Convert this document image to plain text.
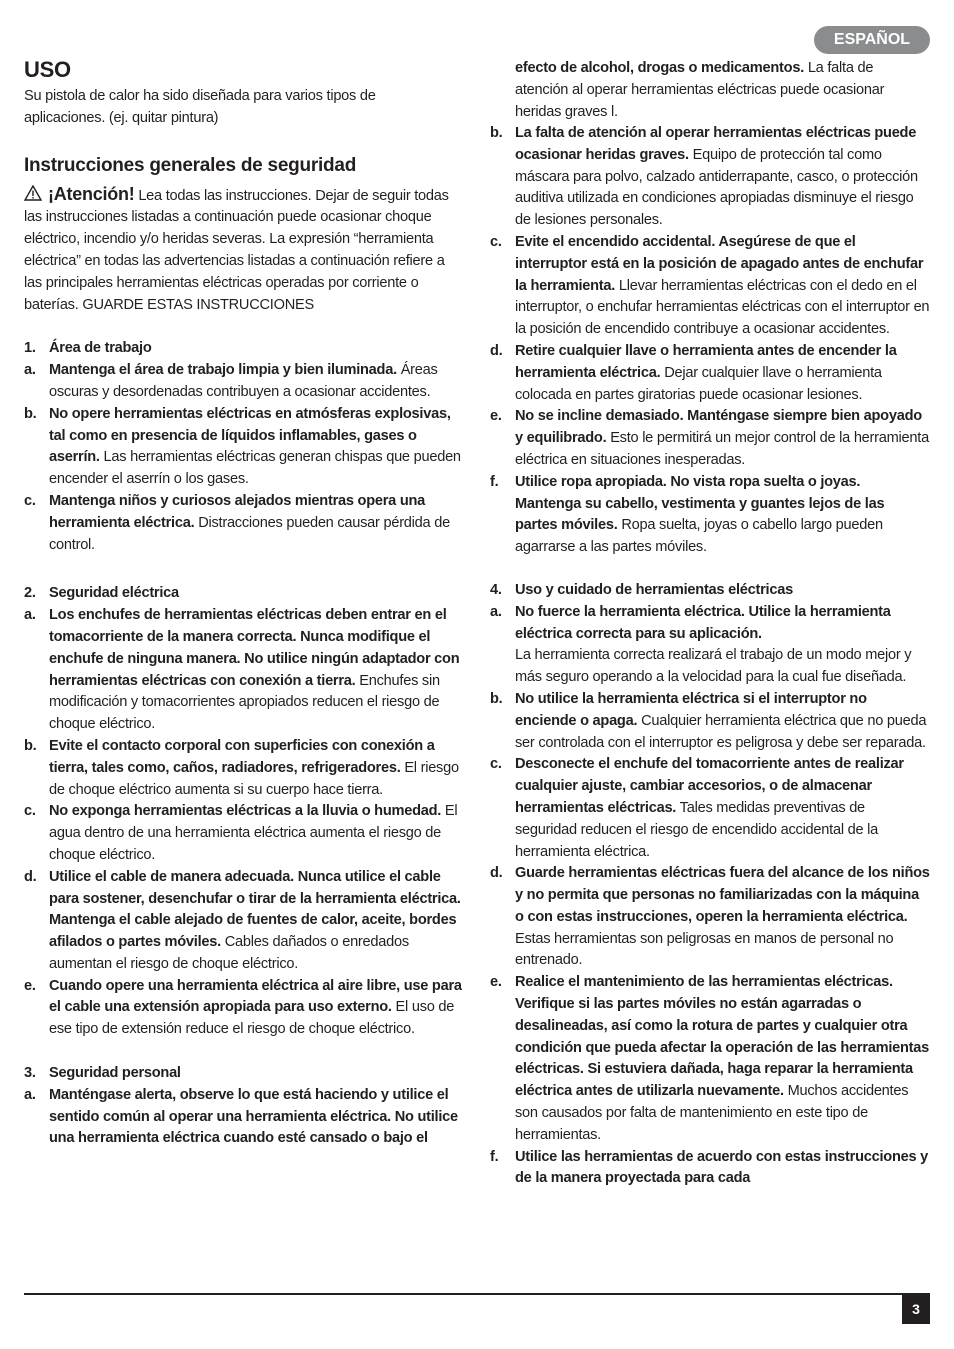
ESPAÑOL
USO

Su pistola de calor ha sido diseñada para varios tipos de aplicaciones. (ej. quitar pintura)

Instrucciones generales de seguridad

¡Atención! Lea todas las instrucciones. Dejar de seguir todas las instrucciones listadas a continuación puede ocasionar choque eléctrico, incendio y/o heridas severas. La expresión “herramienta eléctrica” en todas las advertencias listadas a continuación refiere a las principales herramientas eléctricas operadas por corriente o baterías. GUARDE ESTAS INSTRUCCIONES

1. Área de trabajo
a. Mantenga el área de trabajo limpia y bien iluminada. Áreas oscuras y desordenadas contribuyen a ocasionar accidentes.
b. No opere herramientas eléctricas en atmósferas explosivas, tal como en presencia de líquidos inflamables, gases o aserrín. Las herramientas eléctricas generan chispas que pueden encender el aserrín o los gases.
c. Mantenga niños y curiosos alejados mientras opera una herramienta eléctrica. Distracciones pueden causar pérdida de control.
2. Seguridad eléctrica
a. Los enchufes de herramientas eléctricas deben entrar en el tomacorriente de la manera correcta. Nunca modifique el enchufe de ninguna manera. No utilice ningún adaptador con herramientas eléctricas con conexión a tierra. Enchufes sin modificación y tomacorrientes apropiados reducen el riesgo de choque eléctrico.
b. Evite el contacto corporal con superficies con conexión a tierra, tales como, caños, radiadores, refrigeradores. El riesgo de choque eléctrico aumenta si su cuerpo hace tierra.
c. No exponga herramientas eléctricas a la lluvia o humedad. El agua dentro de una herramienta eléctrica aumenta el riesgo de choque eléctrico.
d. Utilice el cable de manera adecuada. Nunca utilice el cable para sostener, desenchufar o tirar de la herramienta eléctrica. Mantenga el cable alejado de fuentes de calor, aceite, bordes afilados o partes móviles. Cables dañados o enredados aumentan el riesgo de choque eléctrico.
e. Cuando opere una herramienta eléctrica al aire libre, use para el cable una extensión apropiada para uso externo. El uso de ese tipo de extensión reduce el riesgo de choque eléctrico.
3. Seguridad personal
a. Manténgase alerta, observe lo que está haciendo y utilice el sentido común al operar una herramienta eléctrica. No utilice una herramienta eléctrica cuando esté cansado o bajo el
efecto de alcohol, drogas o medicamentos. La falta de atención al operar herramientas eléctricas puede ocasionar heridas graves l.
b. La falta de atención al operar herramientas eléctricas puede ocasionar heridas graves. Equipo de protección tal como máscara para polvo, calzado antiderrapante, casco, o protección auditiva utilizada en condiciones apropiadas disminuye el riesgo de lesiones personales.
c. Evite el encendido accidental. Asegúrese de que el interruptor está en la posición de apagado antes de enchufar la herramienta. Llevar herramientas eléctricas con el dedo en el interruptor, o enchufar herramientas eléctricas con el interruptor en la posición de encendido contribuye a ocasionar accidentes.
d. Retire cualquier llave o herramienta antes de encender la herramienta eléctrica. Dejar cualquier llave o herramienta colocada en partes giratorias puede ocasionar lesiones.
e. No se incline demasiado. Manténgase siempre bien apoyado y equilibrado. Esto le permitirá un mejor control de la herramienta eléctrica en situaciones inesperadas.
f.	Utilice ropa apropiada. No vista ropa suelta o joyas. Mantenga su cabello, vestimenta y guantes lejos de las partes móviles. Ropa suelta, joyas o cabello largo pueden agarrarse a las partes móviles.
4. Uso y cuidado de herramientas eléctricas
a. No fuerce la herramienta eléctrica. Utilice la herramienta eléctrica correcta para su aplicación.
La herramienta correcta realizará el trabajo de un modo mejor y más seguro operando a la velocidad para la cual fue diseñada.
b. No utilice la herramienta eléctrica si el interruptor no enciende o apaga. Cualquier herramienta eléctrica que no pueda ser controlada con el interruptor es peligrosa y debe ser reparada.
c. Desconecte el enchufe del tomacorriente antes de realizar cualquier ajuste, cambiar accesorios, o de almacenar herramientas eléctricas. Tales medidas preventivas de seguridad reducen el riesgo de encendido accidental de la herramienta eléctrica.
d. Guarde herramientas eléctricas fuera del alcance de los niños y no permita que personas no familiarizadas con la máquina o con estas instrucciones, operen la herramienta eléctrica. Estas herramientas son peligrosas en manos de personal no entrenado.
e. Realice el mantenimiento de las herramientas eléctricas. Verifique si las partes móviles no están agarradas o desalineadas, así como la rotura de partes y cualquier otra condición que pueda afectar la operación de las herramientas eléctricas. Si estuviera dañada, haga reparar la herramienta eléctrica antes de utilizarla nuevamente. Muchos accidentes son causados por falta de mantenimiento en este tipo de herramientas.
f.	Utilice las herramientas de acuerdo con estas instrucciones y de la manera proyectada para cada
3
